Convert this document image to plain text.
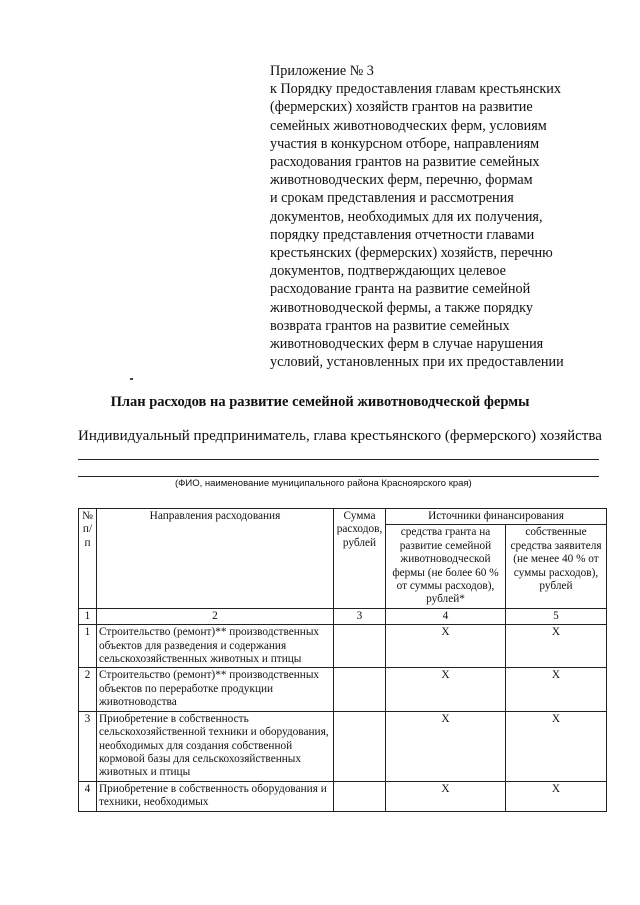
Приложение № 3
к Порядку предоставления главам крестьянских
(фермерских) хозяйств грантов на развитие
семейных животноводческих ферм, условиям
участия в конкурсном отборе, направлениям
расходования грантов на развитие семейных
животноводческих ферм, перечню, формам
и срокам представления и рассмотрения
документов, необходимых для их получения,
порядку представления отчетности главами
крестьянских (фермерских) хозяйств, перечню
документов, подтверждающих целевое
расходование гранта на развитие семейной
животноводческой фермы, а также порядку
возврата грантов на развитие семейных
животноводческих ферм в случае нарушения
условий, установленных при их предоставлении
План расходов на развитие семейной животноводческой фермы
Индивидуальный предприниматель, глава крестьянского (фермерского) хозяйства
(ФИО, наименование муниципального района Красноярского края)
№ п/п	Направления расходования	Сумма расходов, рублей	Источники финансирования	
			средства гранта на развитие семейной животноводческой фермы (не более 60 % от суммы расходов), рублей*	собственные средства заявителя (не менее 40 % от суммы расходов), рублей
1	2	3	4	5
1	Строительство (ремонт)** производственных объектов для разведения и содержания сельскохозяйственных животных и птицы		Х	Х
2	Строительство (ремонт)** производственных объектов по переработке продукции животноводства		Х	Х
3	Приобретение в собственность сельскохозяйственной техники и оборудования, необходимых для создания собственной кормовой базы для сельскохозяйственных животных и птицы		Х	Х
4	Приобретение в собственность оборудования и техники, необходимых		Х	Х
